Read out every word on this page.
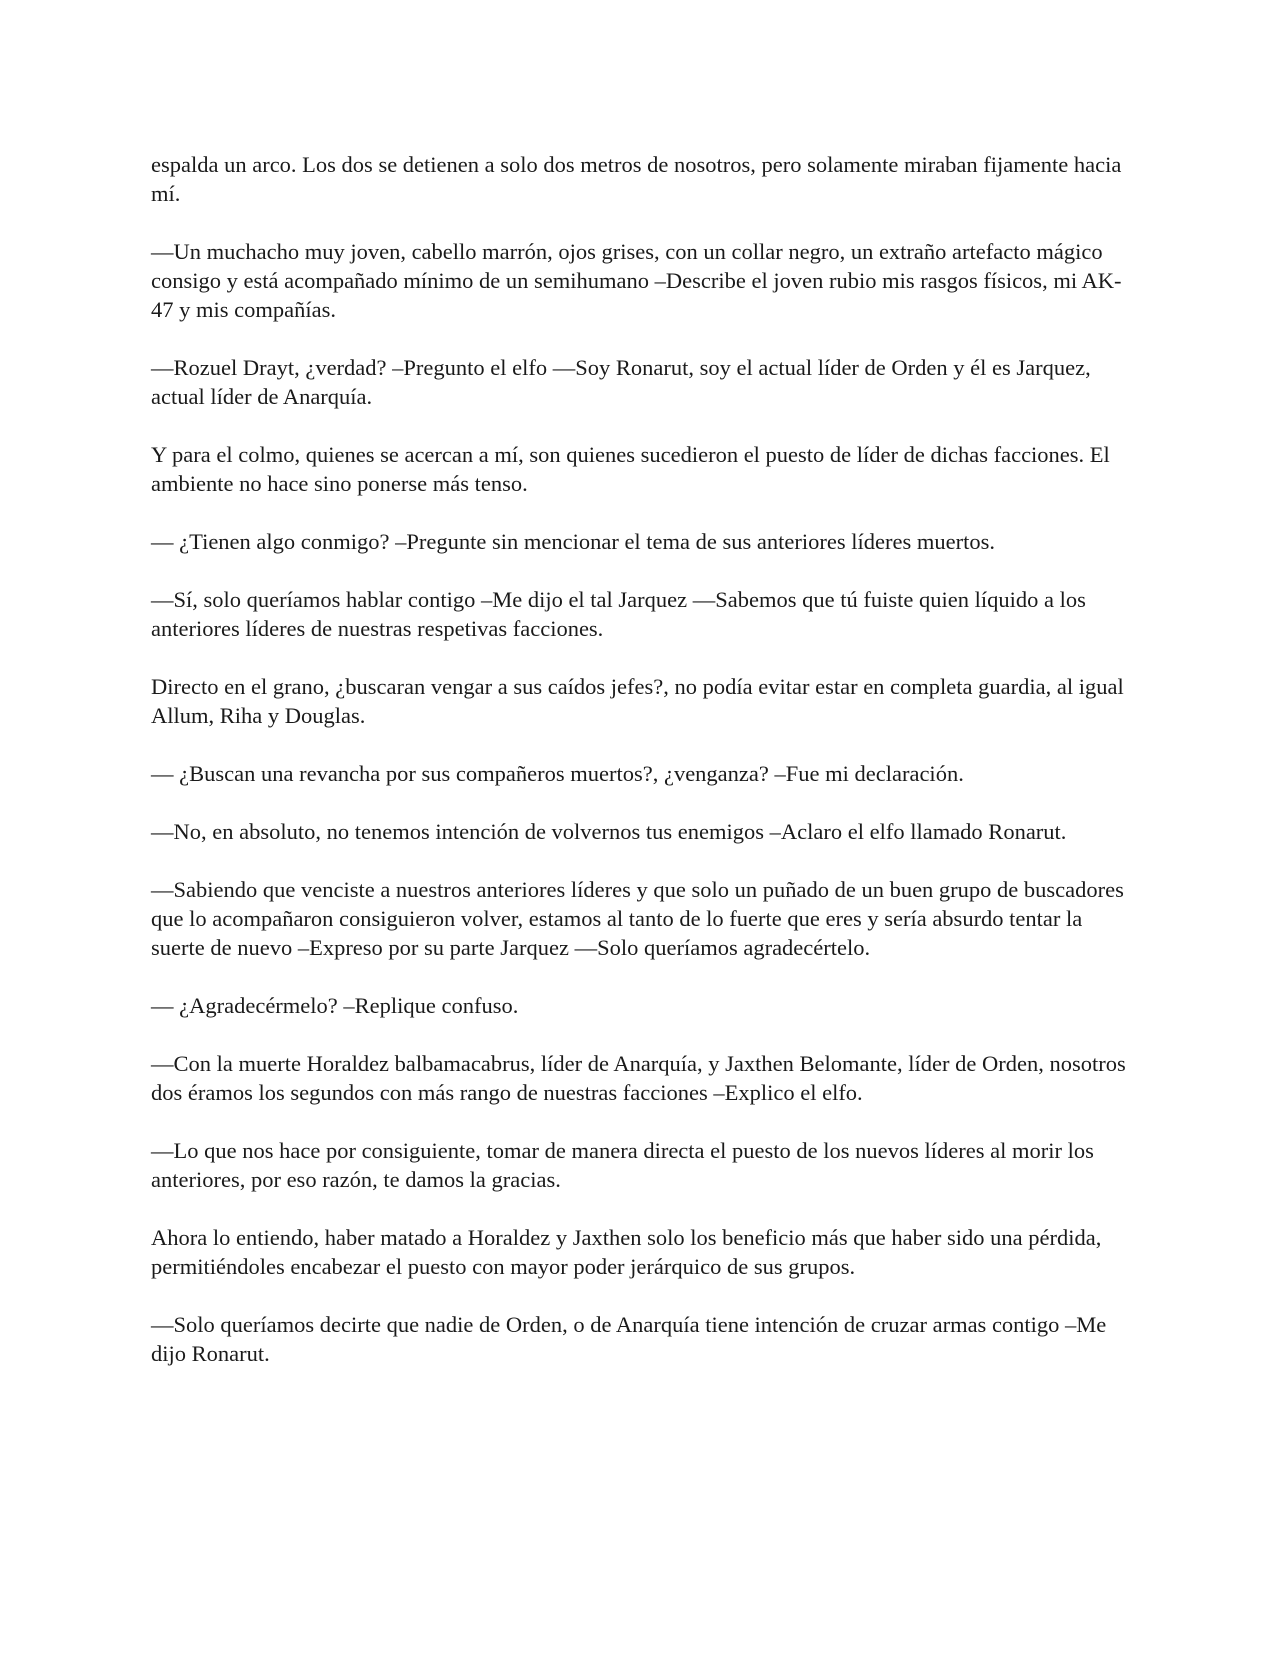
espalda un arco. Los dos se detienen a solo dos metros de nosotros, pero solamente miraban fijamente hacia mí.

—Un muchacho muy joven, cabello marrón, ojos grises, con un collar negro, un extraño artefacto mágico consigo y está acompañado mínimo de un semihumano –Describe el joven rubio mis rasgos físicos, mi AK-47 y mis compañías.

—Rozuel Drayt, ¿verdad? –Pregunto el elfo —Soy Ronarut, soy el actual líder de Orden y él es Jarquez, actual líder de Anarquía.

Y para el colmo, quienes se acercan a mí, son quienes sucedieron el puesto de líder de dichas facciones. El ambiente no hace sino ponerse más tenso.

— ¿Tienen algo conmigo? –Pregunte sin mencionar el tema de sus anteriores líderes muertos.

—Sí, solo queríamos hablar contigo –Me dijo el tal Jarquez —Sabemos que tú fuiste quien líquido a los anteriores líderes de nuestras respetivas facciones.

Directo en el grano, ¿buscaran vengar a sus caídos jefes?, no podía evitar estar en completa guardia, al igual Allum, Riha y Douglas.

— ¿Buscan una revancha por sus compañeros muertos?, ¿venganza? –Fue mi declaración.

—No, en absoluto, no tenemos intención de volvernos tus enemigos –Aclaro el elfo llamado Ronarut.

—Sabiendo que venciste a nuestros anteriores líderes y que solo un puñado de un buen grupo de buscadores que lo acompañaron consiguieron volver, estamos al tanto de lo fuerte que eres y sería absurdo tentar la suerte de nuevo –Expreso por su parte Jarquez —Solo queríamos agradecértelo.

— ¿Agradecérmelo? –Replique confuso.

—Con la muerte Horaldez balbamacabrus, líder de Anarquía, y Jaxthen Belomante, líder de Orden, nosotros dos éramos los segundos con más rango de nuestras facciones –Explico el elfo.

—Lo que nos hace por consiguiente, tomar de manera directa el puesto de los nuevos líderes al morir los anteriores, por eso razón, te damos la gracias.

Ahora lo entiendo, haber matado a Horaldez y Jaxthen solo los beneficio más que haber sido una pérdida, permitiéndoles encabezar el puesto con mayor poder jerárquico de sus grupos.

—Solo queríamos decirte que nadie de Orden, o de Anarquía tiene intención de cruzar armas contigo –Me dijo Ronarut.
